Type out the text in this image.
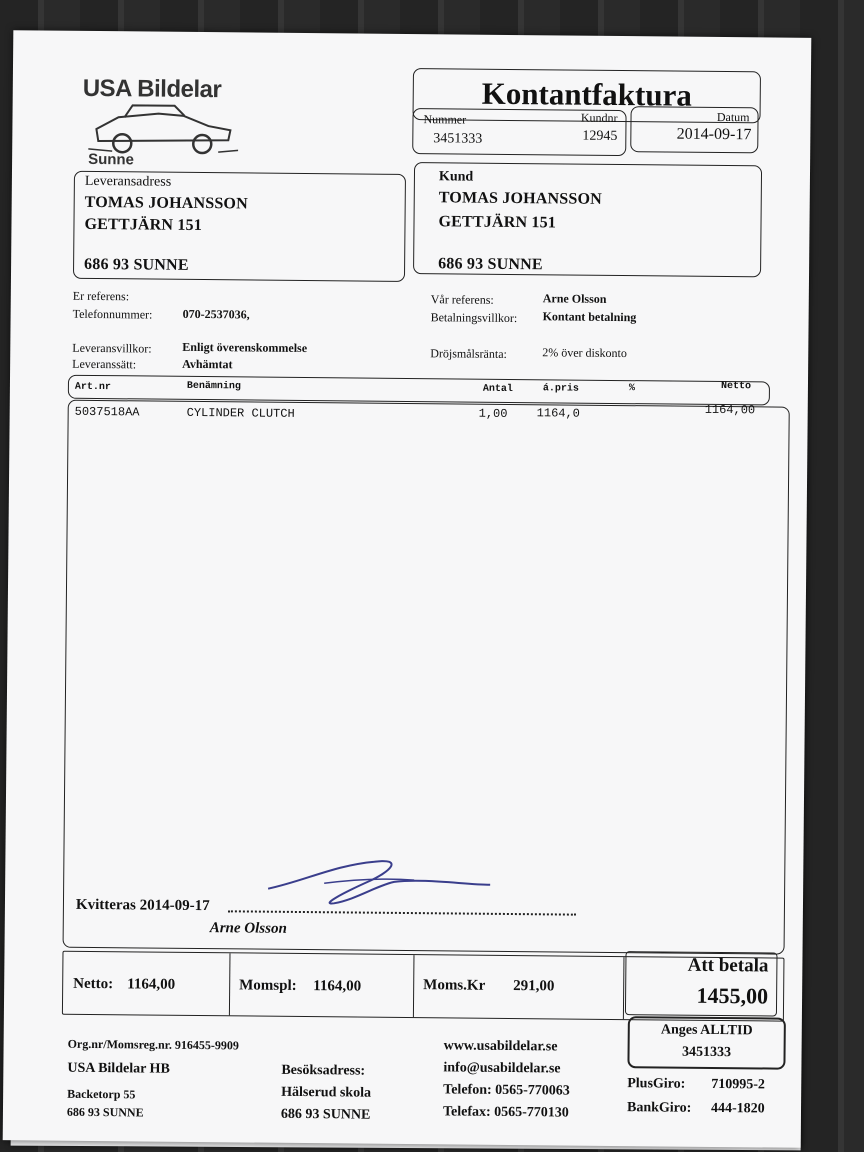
USA Bildelar
Sunne
Kontantfaktura
Nummer	Kundnr
3451333	12945
Datum
2014-09-17
Leveransadress
TOMAS JOHANSSON
GETTJÄRN 151
686 93 SUNNE
Kund
TOMAS JOHANSSON
GETTJÄRN 151
686 93 SUNNE
Er referens:
Telefonnummer:	070-2537036,
Vår referens:	Arne Olsson
Betalningsvillkor: Kontant betalning
Leveransvillkor:	Enligt överenskommelse
Leveranssätt:	Avhämtat
Dröjsmålsränta:	2% över diskonto
Art.nr	Benämning	Antal	á.pris	%	Netto
5037518AA	CYLINDER CLUTCH	1,00 1164,0	1164,00
Kvitteras 2014-09-17
Arne Olsson
Netto: 1164,00	Momspl: 1164,00	Moms.Kr 291,00
Att betala
1455,00
Org.nr/Momsreg.nr. 916455-9909
USA Bildelar HB
Backetorp 55
686 93 SUNNE
Besöksadress:
Hälserud skola
686 93 SUNNE
www.usabildelar.se
info@usabildelar.se
Telefon: 0565-770063
Telefax: 0565-770130
Anges ALLTID
3451333
PlusGiro: 710995-2
BankGiro: 444-1820
